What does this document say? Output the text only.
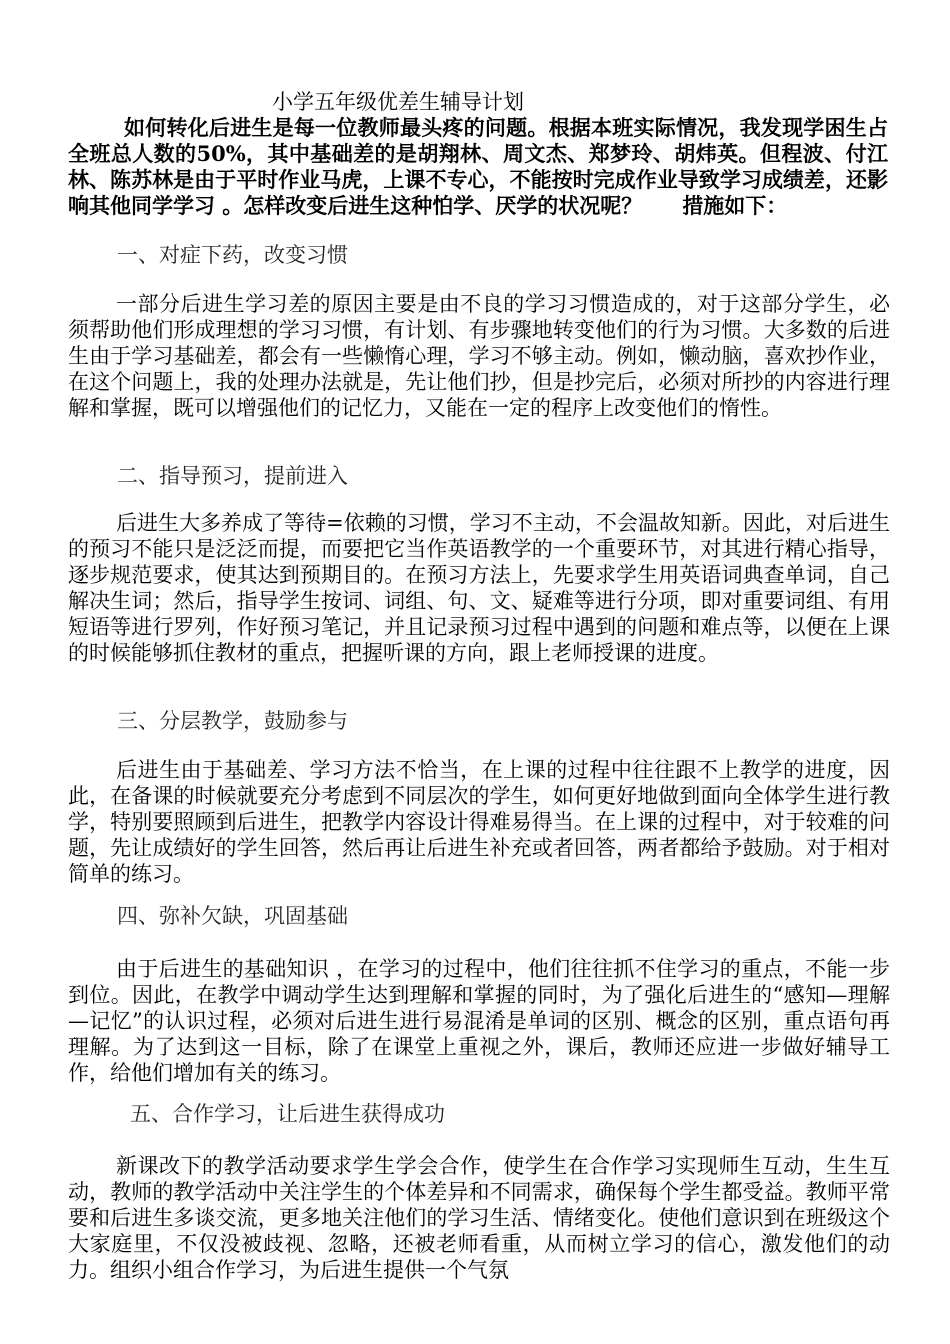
小学五年级优差生辅导计划

如何转化后进生是每一位教师最头疼的问题。根据本班实际情况，我发现学困生占全班总人数的50%，其中基础差的是胡翔林、周文杰、郑梦玲、胡炜英。但程波、付江林、陈苏林是由于平时作业马虎，上课不专心，不能按时完成作业导致学习成绩差，还影响其他同学学习 。怎样改变后进生这种怕学、厌学的状况呢？ 措施如下：

一、对症下药，改变习惯

一部分后进生学习差的原因主要是由不良的学习习惯造成的，对于这部分学生，必须帮助他们形成理想的学习习惯，有计划、有步骤地转变他们的行为习惯。大多数的后进生由于学习基础差，都会有一些懒惰心理，学习不够主动。例如，懒动脑，喜欢抄作业，在这个问题上，我的处理办法就是，先让他们抄，但是抄完后，必须对所抄的内容进行理解和掌握，既可以增强他们的记忆力，又能在一定的程序上改变他们的惰性。

二、指导预习，提前进入

后进生大多养成了等待=依赖的习惯，学习不主动，不会温故知新。因此，对后进生的预习不能只是泛泛而提，而要把它当作英语教学的一个重要环节，对其进行精心指导，逐步规范要求，使其达到预期目的。在预习方法上，先要求学生用英语词典查单词，自己解决生词；然后，指导学生按词、词组、句、文、疑难等进行分项，即对重要词组、有用短语等进行罗列，作好预习笔记，并且记录预习过程中遇到的问题和难点等，以便在上课的时候能够抓住教材的重点，把握听课的方向，跟上老师授课的进度。

三、分层教学，鼓励参与

后进生由于基础差、学习方法不恰当，在上课的过程中往往跟不上教学的进度，因此，在备课的时候就要充分考虑到不同层次的学生，如何更好地做到面向全体学生进行教学，特别要照顾到后进生，把教学内容设计得难易得当。在上课的过程中，对于较难的问题，先让成绩好的学生回答，然后再让后进生补充或者回答，两者都给予鼓励。对于相对简单的练习。

四、弥补欠缺，巩固基础

由于后进生的基础知识 ，在学习的过程中，他们往往抓不住学习的重点，不能一步到位。因此，在教学中调动学生达到理解和掌握的同时，为了强化后进生的“感知—理解—记忆”的认识过程，必须对后进生进行易混淆是单词的区别、概念的区别，重点语句再理解。为了达到这一目标，除了在课堂上重视之外，课后，教师还应进一步做好辅导工作，给他们增加有关的练习。

五、合作学习，让后进生获得成功

新课改下的教学活动要求学生学会合作，使学生在合作学习实现师生互动，生生互动，教师的教学活动中关注学生的个体差异和不同需求，确保每个学生都受益。教师平常要和后进生多谈交流，更多地关注他们的学习生活、情绪变化。使他们意识到在班级这个大家庭里，不仅没被歧视、忽略，还被老师看重，从而树立学习的信心，激发他们的动力。组织小组合作学习，为后进生提供一个气氛
